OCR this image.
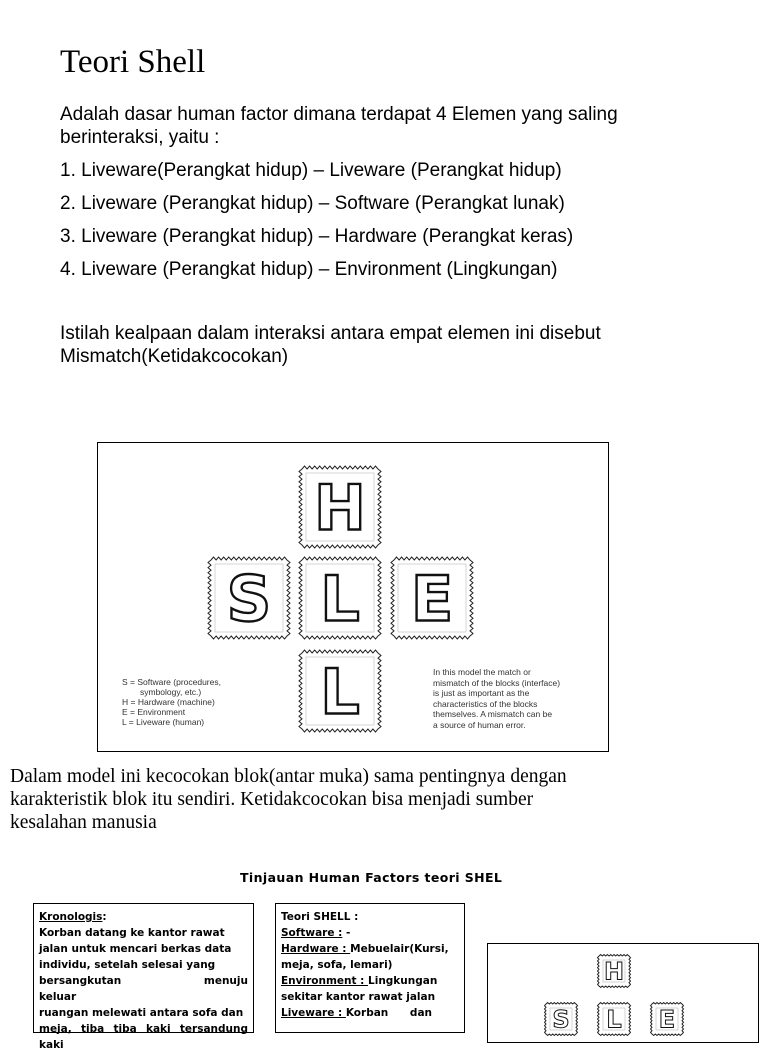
Teori Shell
Adalah dasar human factor dimana terdapat 4 Elemen yang saling
berinteraksi, yaitu :
1. Liveware(Perangkat hidup) – Liveware (Perangkat hidup)
2. Liveware (Perangkat hidup) – Software (Perangkat lunak)
3. Liveware (Perangkat hidup) – Hardware (Perangkat keras)
4. Liveware (Perangkat hidup) – Environment (Lingkungan)
Istilah kealpaan dalam interaksi antara empat elemen ini disebut
Mismatch(Ketidakcocokan)
H
S L E
L
S = Software (procedures,
symbology, etc.)
H = Hardware (machine)
E = Environment
L = Liveware (human)
In this model the match or
mismatch of the blocks (interface)
is just as important as the
characteristics of the blocks
themselves. A mismatch can be
a source of human error.
Dalam model ini kecocokan blok(antar muka) sama pentingnya dengan
karakteristik blok itu sendiri. Ketidakcocokan bisa menjadi sumber
kesalahan manusia
Tinjauan Human Factors teori SHEL
Kronologis:
Korban datang ke kantor rawat
jalan untuk mencari berkas data
individu, setelah selesai yang
bersangkutan menuju keluar
ruangan melewati antara sofa dan
meja, tiba tiba kaki tersandung kaki
Teori SHELL :
Software : -
Hardware : Mebuelair(Kursi,
meja, sofa, lemari)
Environment : Lingkungan
sekitar kantor rawat jalan
Liveware : Korban dan
H
S L E
